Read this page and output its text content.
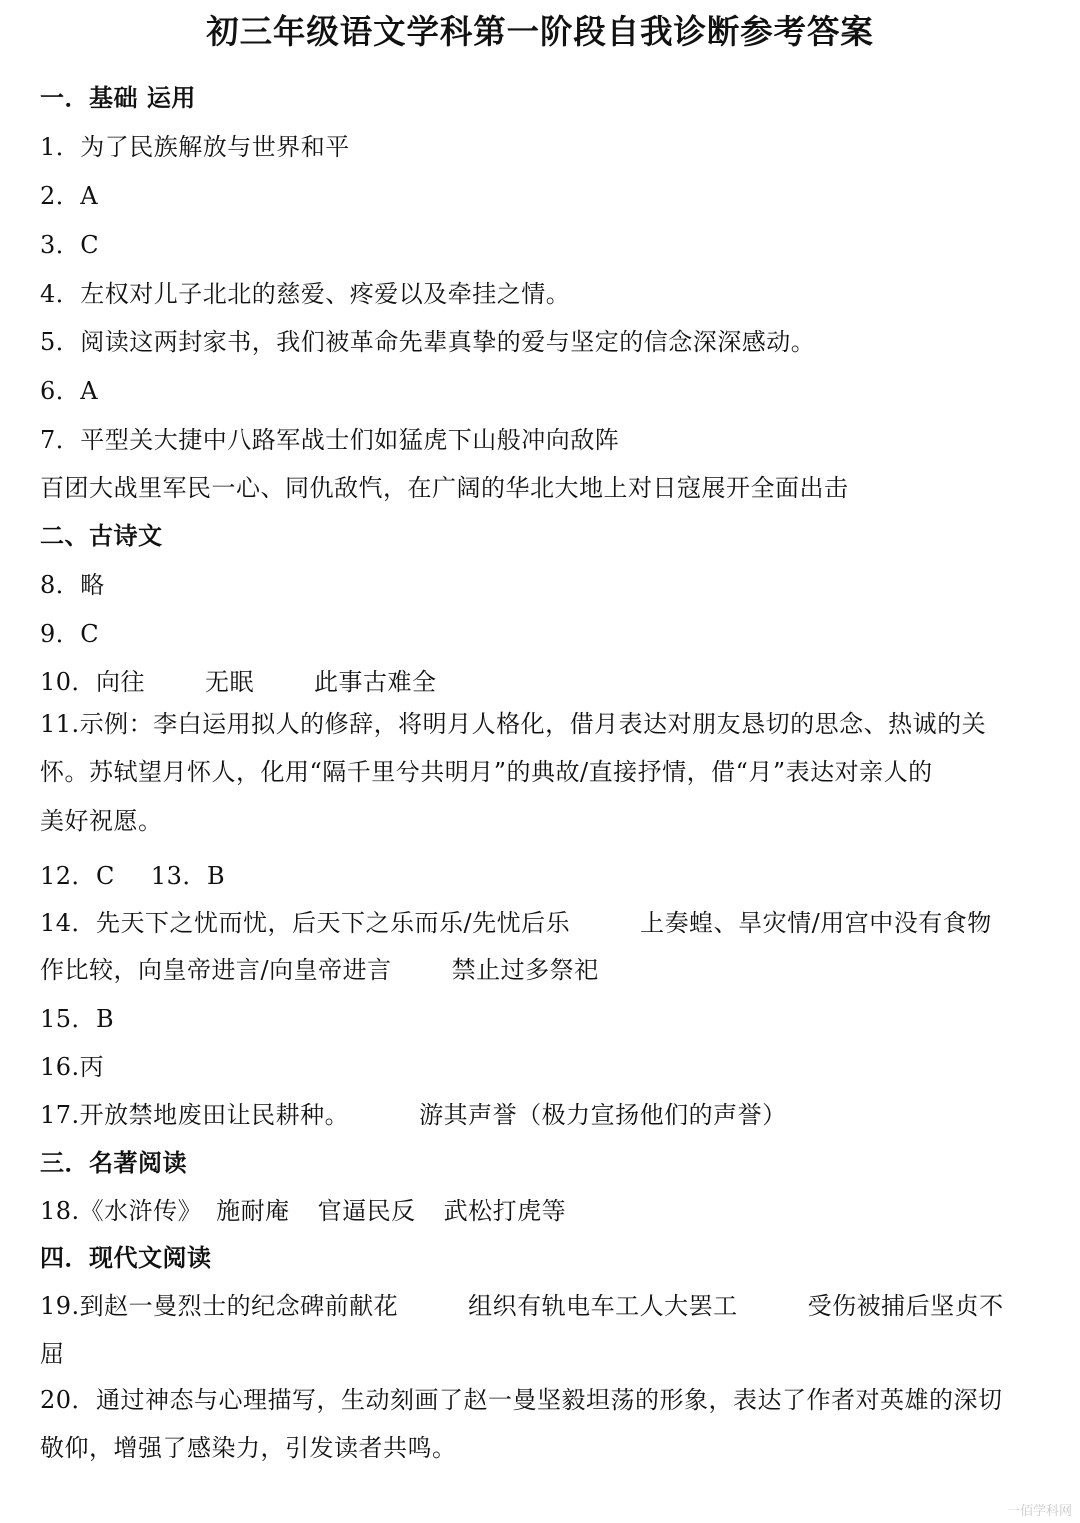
初三年级语文学科第一阶段自我诊断参考答案
一．基础 运用
1．为了民族解放与世界和平
2．A
3．C
4．左权对儿子北北的慈爱、疼爱以及牵挂之情。
5．阅读这两封家书，我们被革命先辈真挚的爱与坚定的信念深深感动。
6．A
7．平型关大捷中八路军战士们如猛虎下山般冲向敌阵
百团大战里军民一心、同仇敌忾，在广阔的华北大地上对日寇展开全面出击
二、古诗文
8．略
9．C
10．向往	无眠	此事古难全
11.示例：李白运用拟人的修辞，将明月人格化，借月表达对朋友恳切的思念、热诚的关
怀。苏轼望月怀人，化用“隔千里兮共明月”的典故/直接抒情，借“月”表达对亲人的
美好祝愿。
12．C 13．B
14．先天下之忧而忧，后天下之乐而乐/先忧后乐	上奏蝗、旱灾情/用宫中没有食物
作比较，向皇帝进言/向皇帝进言	禁止过多祭祀
15．B
16.丙
17.开放禁地废田让民耕种。	游其声誉（极力宣扬他们的声誉）
三．名著阅读
18.《水浒传》 施耐庵 官逼民反 武松打虎等
四．现代文阅读
19.到赵一曼烈士的纪念碑前献花	组织有轨电车工人大罢工	受伤被捕后坚贞不
屈
20．通过神态与心理描写，生动刻画了赵一曼坚毅坦荡的形象，表达了作者对英雄的深切
敬仰，增强了感染力，引发读者共鸣。
一佰学科网
